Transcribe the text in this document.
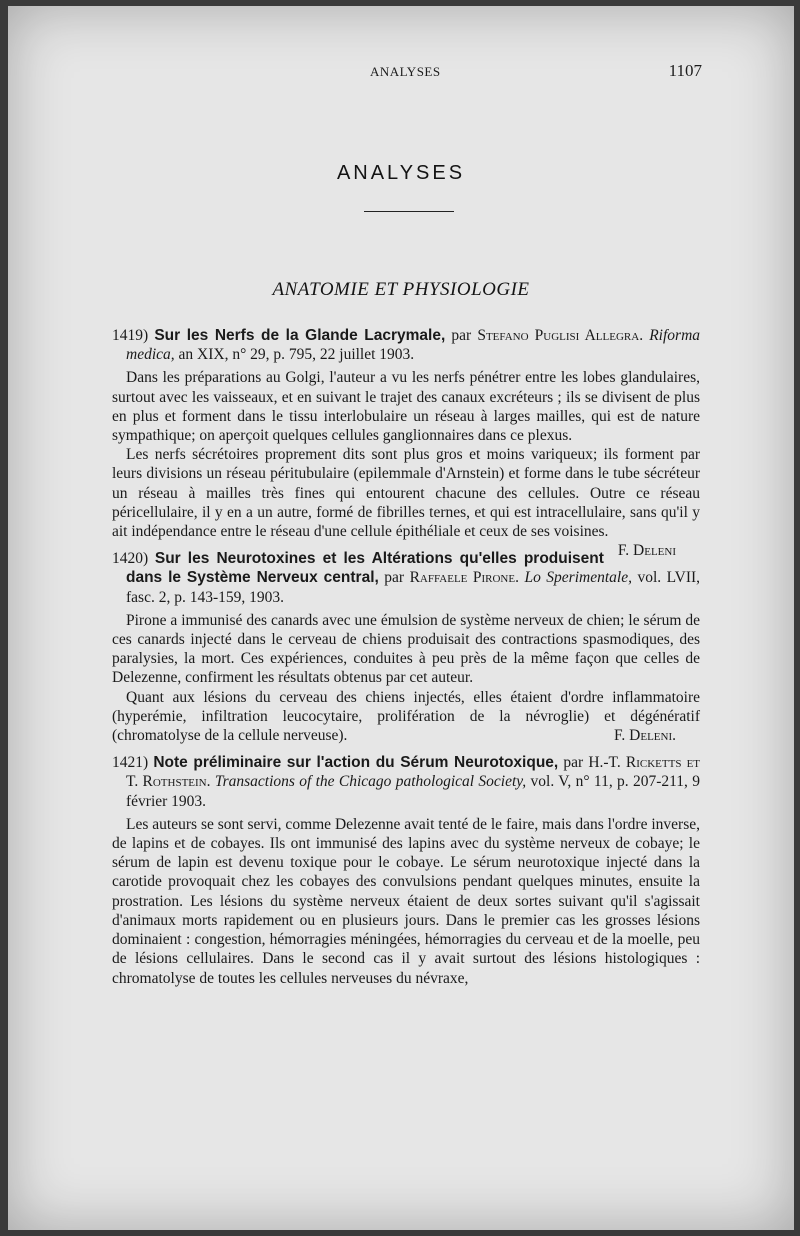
ANALYSES	1107
ANALYSES
ANATOMIE ET PHYSIOLOGIE
1419) Sur les Nerfs de la Glande Lacrymale, par Stefano Puglisi Allegra. Riforma medica, an XIX, n° 29, p. 795, 22 juillet 1903.

Dans les préparations au Golgi, l'auteur a vu les nerfs pénétrer entre les lobes glandulaires, surtout avec les vaisseaux, et en suivant le trajet des canaux excréteurs ; ils se divisent de plus en plus et forment dans le tissu interlobulaire un réseau à larges mailles, qui est de nature sympathique; on aperçoit quelques cellules ganglionnaires dans ce plexus.

Les nerfs sécrétoires proprement dits sont plus gros et moins variqueux; ils forment par leurs divisions un réseau péritubulaire (epilemmale d'Arnstein) et forme dans le tube sécréteur un réseau à mailles très fines qui entourent chacune des cellules. Outre ce réseau péricellulaire, il y en a un autre, formé de fibrilles ternes, et qui est intracellulaire, sans qu'il y ait indépendance entre le réseau d'une cellule épithéliale et ceux de ses voisines.
F. Deleni

1420) Sur les Neurotoxines et les Altérations qu'elles produisent dans le Système Nerveux central, par Raffaele Pirone. Lo Sperimentale, vol. LVII, fasc. 2, p. 143-159, 1903.

Pirone a immunisé des canards avec une émulsion de système nerveux de chien; le sérum de ces canards injecté dans le cerveau de chiens produisait des contractions spasmodiques, des paralysies, la mort. Ces expériences, conduites à peu près de la même façon que celles de Delezenne, confirment les résultats obtenus par cet auteur.

Quant aux lésions du cerveau des chiens injectés, elles étaient d'ordre inflammatoire (hyperémie, infiltration leucocytaire, prolifération de la névroglie) et dégénératif (chromatolyse de la cellule nerveuse).	F. Deleni.

1421) Note préliminaire sur l'action du Sérum Neurotoxique, par H.-T. Ricketts et T. Rothstein. Transactions of the Chicago pathological Society, vol. V, n° 11, p. 207-211, 9 février 1903.

Les auteurs se sont servi, comme Delezenne avait tenté de le faire, mais dans l'ordre inverse, de lapins et de cobayes. Ils ont immunisé des lapins avec du système nerveux de cobaye; le sérum de lapin est devenu toxique pour le cobaye. Le sérum neurotoxique injecté dans la carotide provoquait chez les cobayes des convulsions pendant quelques minutes, ensuite la prostration. Les lésions du système nerveux étaient de deux sortes suivant qu'il s'agissait d'animaux morts rapidement ou en plusieurs jours. Dans le premier cas les grosses lésions dominaient : congestion, hémorragies méningées, hémorragies du cerveau et de la moelle, peu de lésions cellulaires. Dans le second cas il y avait surtout des lésions histologiques : chromatolyse de toutes les cellules nerveuses du névraxe,
